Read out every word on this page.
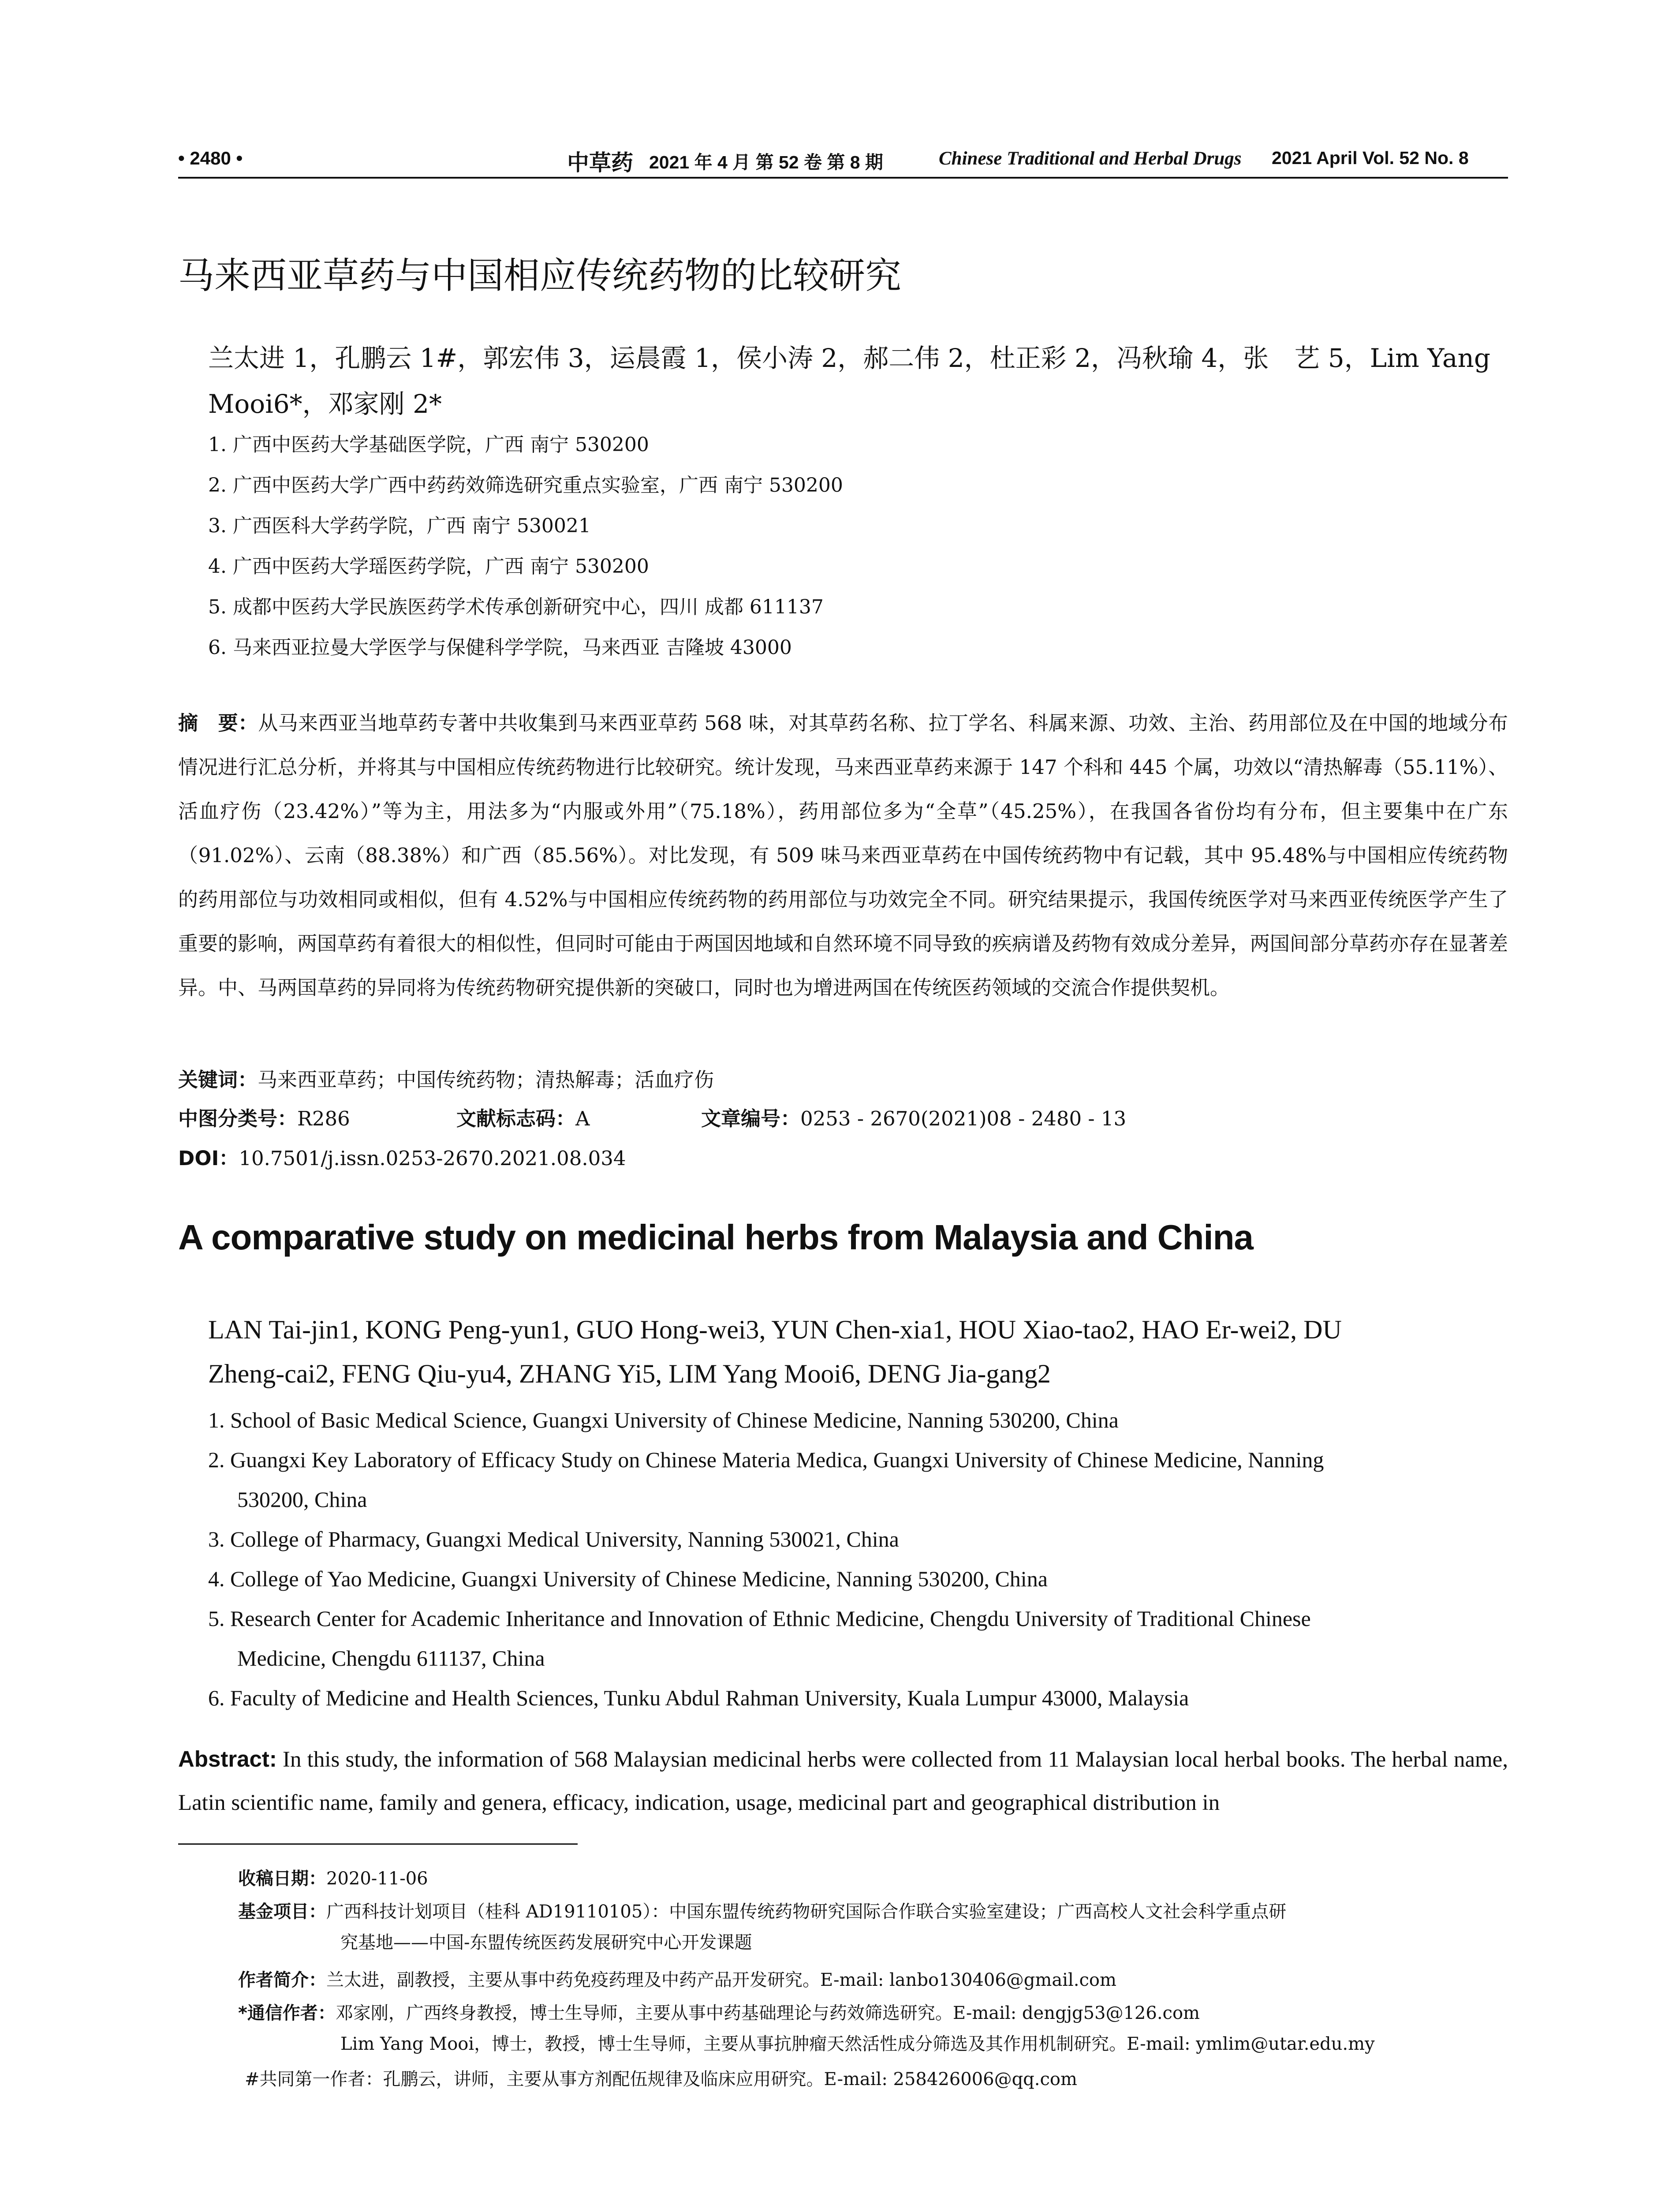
• 2480 •	中草药 2021 年 4 月 第 52 卷 第 8 期	Chinese Traditional and Herbal Drugs 2021 April Vol. 52 No. 8
马来西亚草药与中国相应传统药物的比较研究
兰太进 1，孔鹏云 1#，郭宏伟 3，运晨霞 1，侯小涛 2，郝二伟 2，杜正彩 2，冯秋瑜 4，张　艺 5，Lim Yang
Mooi6*，邓家刚 2*
1. 广西中医药大学基础医学院，广西 南宁 530200
2. 广西中医药大学广西中药药效筛选研究重点实验室，广西 南宁 530200
3. 广西医科大学药学院，广西 南宁 530021
4. 广西中医药大学瑶医药学院，广西 南宁 530200
5. 成都中医药大学民族医药学术传承创新研究中心，四川 成都 611137
6. 马来西亚拉曼大学医学与保健科学学院，马来西亚 吉隆坡 43000
摘　要：从马来西亚当地草药专著中共收集到马来西亚草药 568 味，对其草药名称、拉丁学名、科属来源、功效、主治、药用部位及在中国的地域分布情况进行汇总分析，并将其与中国相应传统药物进行比较研究。统计发现，马来西亚草药来源于 147 个科和 445 个属，功效以“清热解毒（55.11%）、活血疗伤（23.42%）”等为主，用法多为“内服或外用”（75.18%），药用部位多为“全草”（45.25%），在我国各省份均有分布，但主要集中在广东（91.02%）、云南（88.38%）和广西（85.56%）。对比发现，有 509 味马来西亚草药在中国传统药物中有记载，其中 95.48%与中国相应传统药物的药用部位与功效相同或相似，但有 4.52%与中国相应传统药物的药用部位与功效完全不同。研究结果提示，我国传统医学对马来西亚传统医学产生了重要的影响，两国草药有着很大的相似性，但同时可能由于两国因地域和自然环境不同导致的疾病谱及药物有效成分差异，两国间部分草药亦存在显著差异。中、马两国草药的异同将为传统药物研究提供新的突破口，同时也为增进两国在传统医药领域的交流合作提供契机。
关键词：马来西亚草药；中国传统药物；清热解毒；活血疗伤
中图分类号：R286	文献标志码：A	文章编号：0253 - 2670(2021)08 - 2480 - 13
DOI：10.7501/j.issn.0253-2670.2021.08.034
A comparative study on medicinal herbs from Malaysia and China
LAN Tai-jin1, KONG Peng-yun1, GUO Hong-wei3, YUN Chen-xia1, HOU Xiao-tao2, HAO Er-wei2, DU
Zheng-cai2, FENG Qiu-yu4, ZHANG Yi5, LIM Yang Mooi6, DENG Jia-gang2
1. School of Basic Medical Science, Guangxi University of Chinese Medicine, Nanning 530200, China
2. Guangxi Key Laboratory of Efficacy Study on Chinese Materia Medica, Guangxi University of Chinese Medicine, Nanning
530200, China
3. College of Pharmacy, Guangxi Medical University, Nanning 530021, China
4. College of Yao Medicine, Guangxi University of Chinese Medicine, Nanning 530200, China
5. Research Center for Academic Inheritance and Innovation of Ethnic Medicine, Chengdu University of Traditional Chinese
Medicine, Chengdu 611137, China
6. Faculty of Medicine and Health Sciences, Tunku Abdul Rahman University, Kuala Lumpur 43000, Malaysia
Abstract: In this study, the information of 568 Malaysian medicinal herbs were collected from 11 Malaysian local herbal books. The herbal name, Latin scientific name, family and genera, efficacy, indication, usage, medicinal part and geographical distribution in
收稿日期：2020-11-06
基金项目：广西科技计划项目（桂科 AD19110105）：中国东盟传统药物研究国际合作联合实验室建设；广西高校人文社会科学重点研
究基地——中国-东盟传统医药发展研究中心开发课题
作者简介：兰太进，副教授，主要从事中药免疫药理及中药产品开发研究。E-mail: lanbo130406@gmail.com
*通信作者：邓家刚，广西终身教授，博士生导师，主要从事中药基础理论与药效筛选研究。E-mail: dengjg53@126.com
Lim Yang Mooi，博士，教授，博士生导师，主要从事抗肿瘤天然活性成分筛选及其作用机制研究。E-mail: ymlim@utar.edu.my
#共同第一作者：孔鹏云，讲师，主要从事方剂配伍规律及临床应用研究。E-mail: 258426006@qq.com
